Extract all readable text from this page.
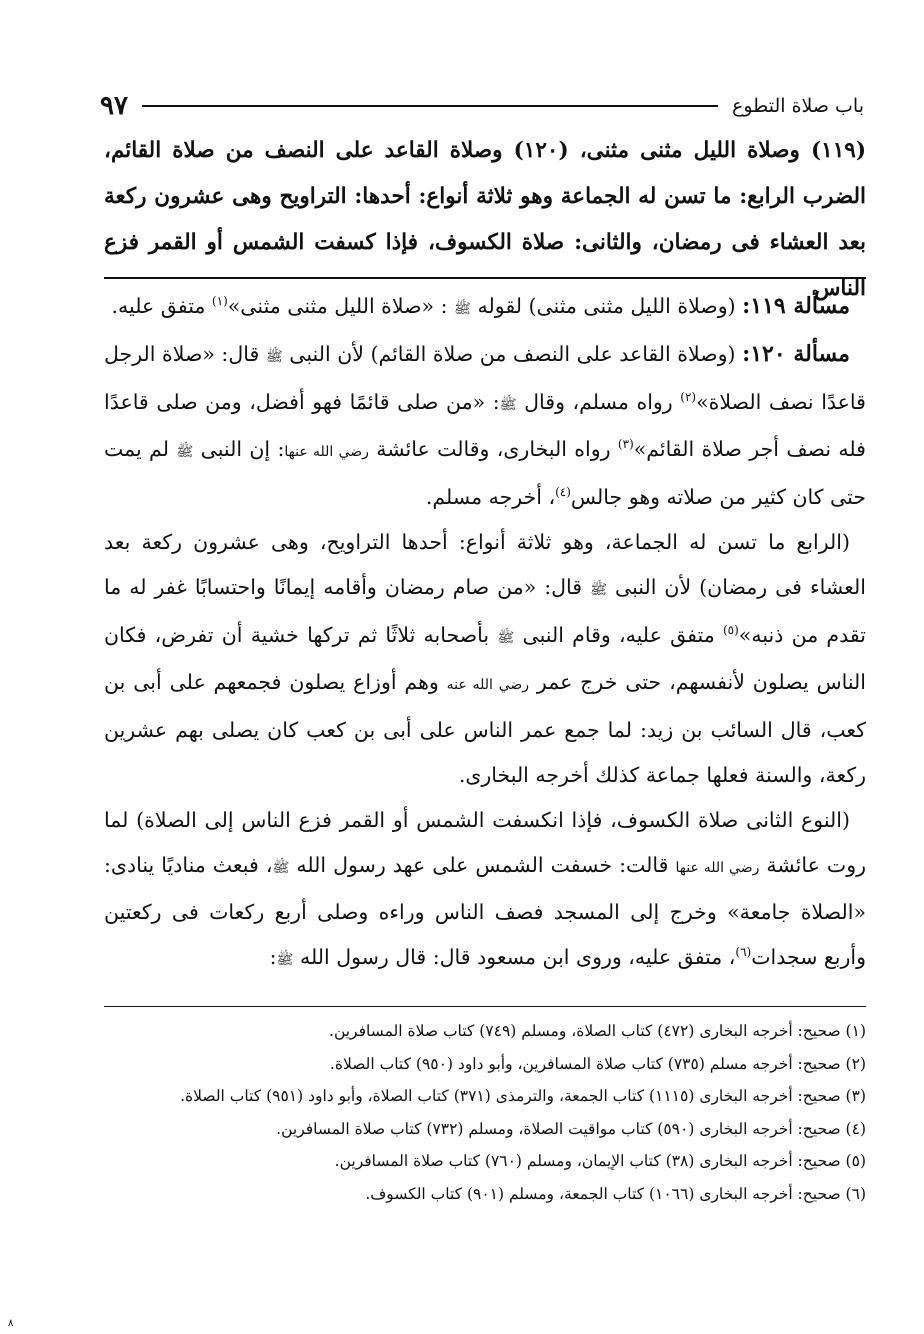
باب صلاة التطوع
٩٧

(١١٩) وصلاة الليل مثنى مثنى، (١٢٠) وصلاة القاعد على النصف من صلاة القائم،

الضرب الرابع: ما تسن له الجماعة وهو ثلاثة أنواع: أحدها: التراويح وهى عشرون ركعة

بعد العشاء فى رمضان، والثانى: صلاة الكسوف، فإذا كسفت الشمس أو القمر فزع الناس

مسألة ١١٩: (وصلاة الليل مثنى مثنى) لقوله ﷺ : «صلاة الليل مثنى مثنى»$^{(١)}$ متفق عليه.

مسألة ١٢٠: (وصلاة القاعد على النصف من صلاة القائم) لأن النبى ﷺ قال: «صلاة الرجل قاعدًا نصف الصلاة»$^{(٢)}$ رواه مسلم، وقال ﷺ: «من صلى قائمًا فهو أفضل، ومن صلى قاعدًا فله نصف أجر صلاة القائم»$^{(٣)}$ رواه البخارى، وقالت عائشة رضي الله عنها: إن النبى ﷺ لم يمت حتى كان كثير من صلاته وهو جالس$^{(٤)}$، أخرجه مسلم.

(الرابع ما تسن له الجماعة، وهو ثلاثة أنواع: أحدها التراويح، وهى عشرون ركعة بعد العشاء فى رمضان) لأن النبى ﷺ قال: «من صام رمضان وأقامه إيمانًا واحتسابًا غفر له ما تقدم من ذنبه»$^{(٥)}$ متفق عليه، وقام النبى ﷺ بأصحابه ثلاثًا ثم تركها خشية أن تفرض، فكان الناس يصلون لأنفسهم، حتى خرج عمر رضي الله عنه وهم أوزاع يصلون فجمعهم على أبى بن كعب، قال السائب بن زيد: لما جمع عمر الناس على أبى بن كعب كان يصلى بهم عشرين ركعة، والسنة فعلها جماعة كذلك أخرجه البخارى.

(النوع الثانى صلاة الكسوف، فإذا انكسفت الشمس أو القمر فزع الناس إلى الصلاة) لما روت عائشة رضي الله عنها قالت: خسفت الشمس على عهد رسول الله ﷺ، فبعث مناديًا ينادى: «الصلاة جامعة» وخرج إلى المسجد فصف الناس وراءه وصلى أربع ركعات فى ركعتين وأربع سجدات$^{(٦)}$، متفق عليه، وروى ابن مسعود قال: قال رسول الله ﷺ:

(١) صحيح: أخرجه البخارى (٤٧٢) كتاب الصلاة، ومسلم (٧٤٩) كتاب صلاة المسافرين.

(٢) صحيح: أخرجه مسلم (٧٣٥) كتاب صلاة المسافرين، وأبو داود (٩٥٠) كتاب الصلاة.

(٣) صحيح: أخرجه البخارى (١١١٥) كتاب الجمعة، والترمذى (٣٧١) كتاب الصلاة، وأبو داود (٩٥١) كتاب الصلاة.

(٤) صحيح: أخرجه البخارى (٥٩٠) كتاب مواقيت الصلاة، ومسلم (٧٣٢) كتاب صلاة المسافرين.

(٥) صحيح: أخرجه البخارى (٣٨) كتاب الإيمان، ومسلم (٧٦٠) كتاب صلاة المسافرين.

(٦) صحيح: أخرجه البخارى (١٠٦٦) كتاب الجمعة، ومسلم (٩٠١) كتاب الكسوف.

٨
